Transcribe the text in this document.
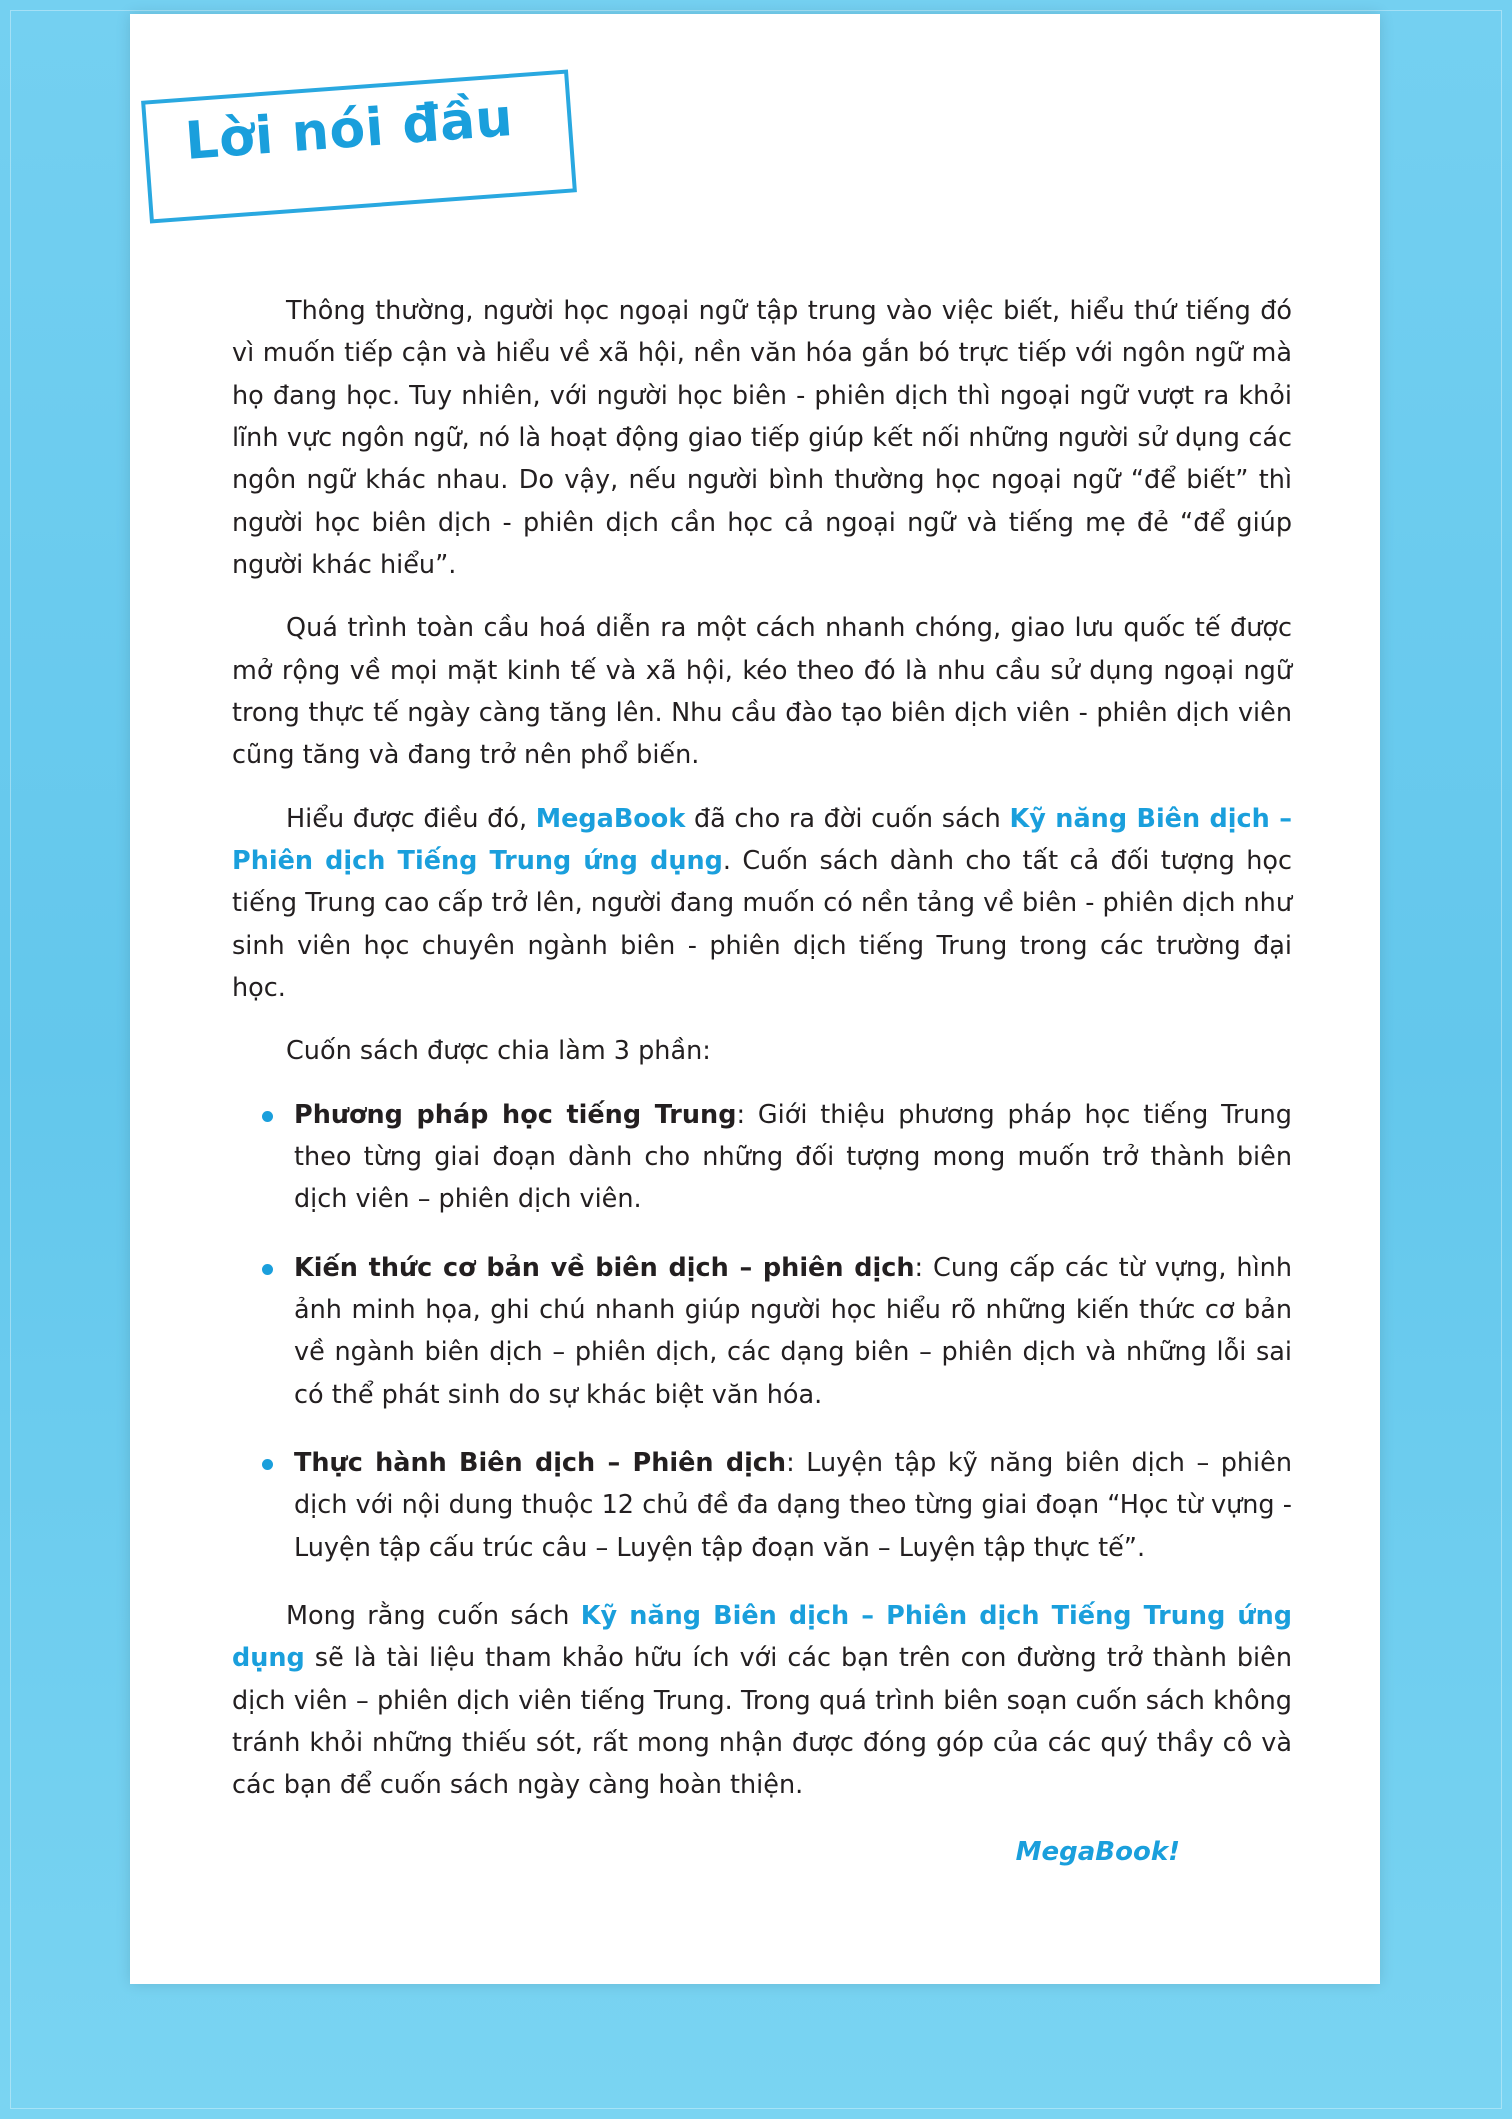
Lời nói đầu

Thông thường, người học ngoại ngữ tập trung vào việc biết, hiểu thứ tiếng đó vì muốn tiếp cận và hiểu về xã hội, nền văn hóa gắn bó trực tiếp với ngôn ngữ mà họ đang học. Tuy nhiên, với người học biên - phiên dịch thì ngoại ngữ vượt ra khỏi lĩnh vực ngôn ngữ, nó là hoạt động giao tiếp giúp kết nối những người sử dụng các ngôn ngữ khác nhau. Do vậy, nếu người bình thường học ngoại ngữ “để biết” thì người học biên dịch - phiên dịch cần học cả ngoại ngữ và tiếng mẹ đẻ “để giúp người khác hiểu”.

Quá trình toàn cầu hoá diễn ra một cách nhanh chóng, giao lưu quốc tế được mở rộng về mọi mặt kinh tế và xã hội, kéo theo đó là nhu cầu sử dụng ngoại ngữ trong thực tế ngày càng tăng lên. Nhu cầu đào tạo biên dịch viên - phiên dịch viên cũng tăng và đang trở nên phổ biến.

Hiểu được điều đó, MegaBook đã cho ra đời cuốn sách Kỹ năng Biên dịch – Phiên dịch Tiếng Trung ứng dụng. Cuốn sách dành cho tất cả đối tượng học tiếng Trung cao cấp trở lên, người đang muốn có nền tảng về biên - phiên dịch như sinh viên học chuyên ngành biên - phiên dịch tiếng Trung trong các trường đại học.

Cuốn sách được chia làm 3 phần:

Phương pháp học tiếng Trung: Giới thiệu phương pháp học tiếng Trung theo từng giai đoạn dành cho những đối tượng mong muốn trở thành biên dịch viên – phiên dịch viên.
Kiến thức cơ bản về biên dịch – phiên dịch: Cung cấp các từ vựng, hình ảnh minh họa, ghi chú nhanh giúp người học hiểu rõ những kiến thức cơ bản về ngành biên dịch – phiên dịch, các dạng biên – phiên dịch và những lỗi sai có thể phát sinh do sự khác biệt văn hóa.
Thực hành Biên dịch – Phiên dịch: Luyện tập kỹ năng biên dịch – phiên dịch với nội dung thuộc 12 chủ đề đa dạng theo từng giai đoạn “Học từ vựng - Luyện tập cấu trúc câu – Luyện tập đoạn văn – Luyện tập thực tế”.

Mong rằng cuốn sách Kỹ năng Biên dịch – Phiên dịch Tiếng Trung ứng dụng sẽ là tài liệu tham khảo hữu ích với các bạn trên con đường trở thành biên dịch viên – phiên dịch viên tiếng Trung. Trong quá trình biên soạn cuốn sách không tránh khỏi những thiếu sót, rất mong nhận được đóng góp của các quý thầy cô và các bạn để cuốn sách ngày càng hoàn thiện.

MegaBook!
